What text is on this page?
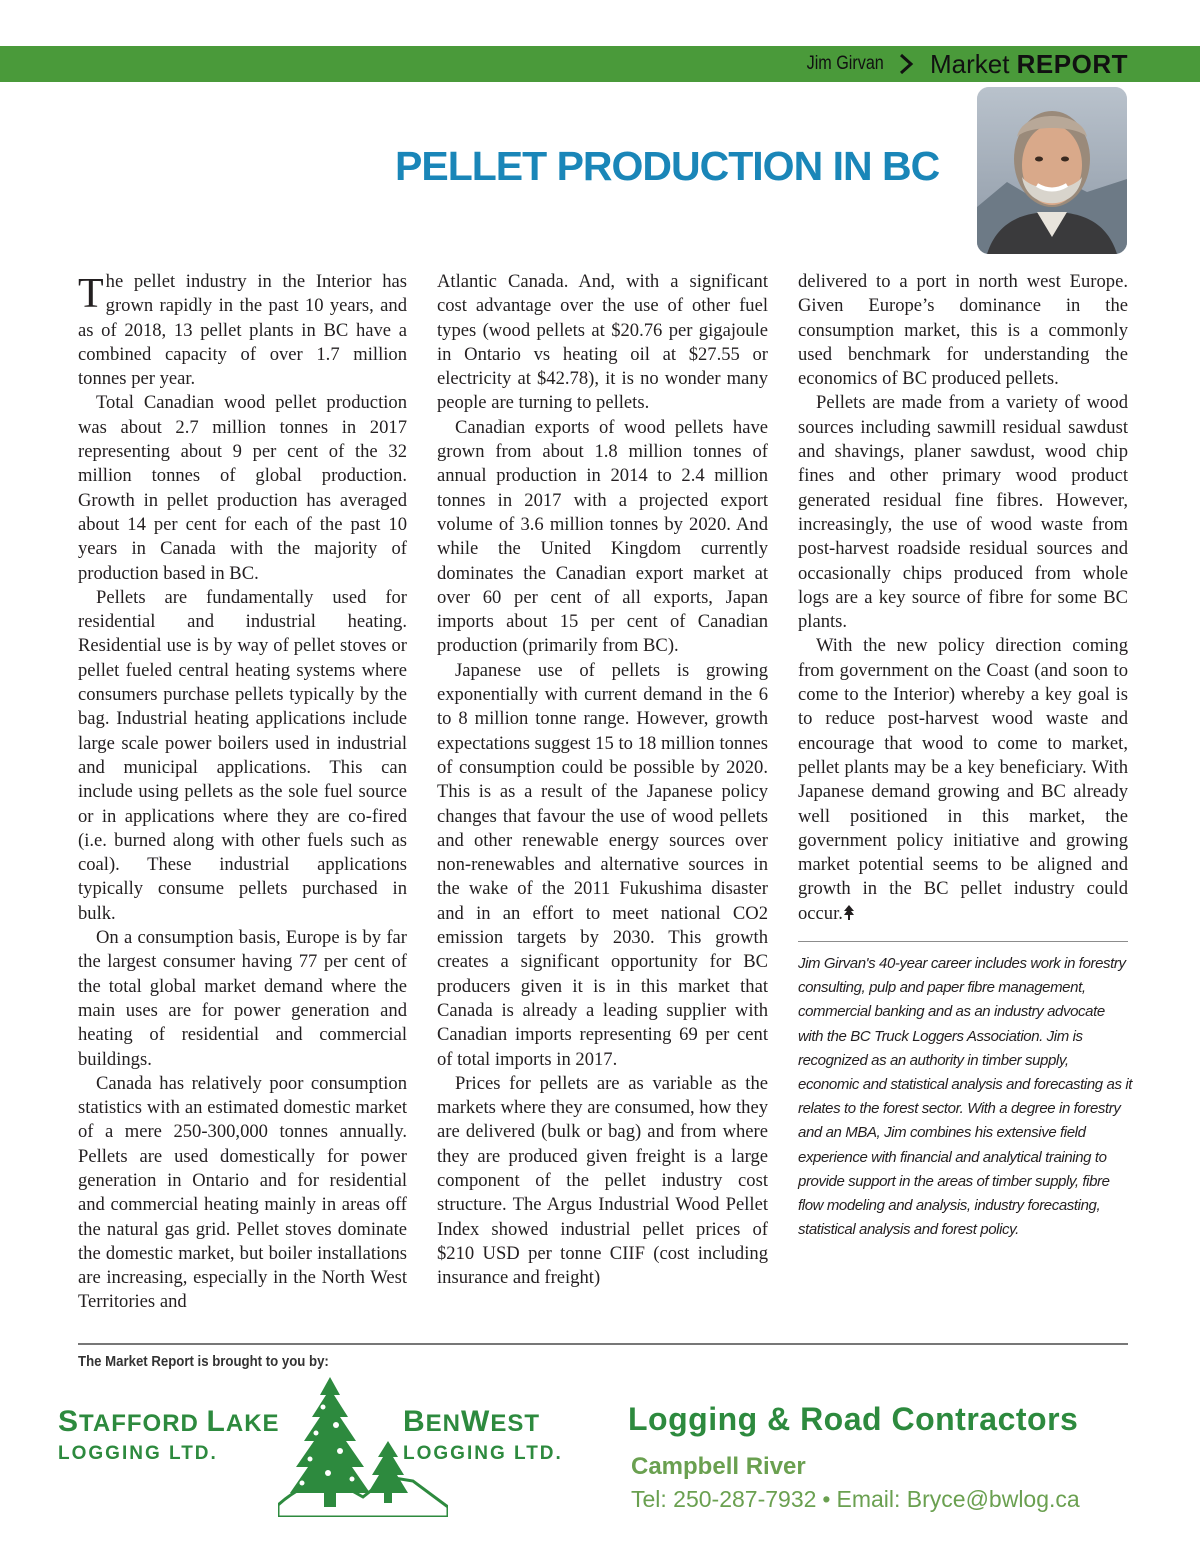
Jim Girvan Market REPORT
PELLET PRODUCTION IN BC

The pellet industry in the Interior has grown rapidly in the past 10 years, and as of 2018, 13 pellet plants in BC have a combined capacity of over 1.7 million tonnes per year.

Total Canadian wood pellet production was about 2.7 million tonnes in 2017 representing about 9 per cent of the 32 million tonnes of global production. Growth in pellet production has averaged about 14 per cent for each of the past 10 years in Canada with the majority of production based in BC.

Pellets are fundamentally used for residential and industrial heating. Residential use is by way of pellet stoves or pellet fueled central heating systems where consumers purchase pellets typically by the bag. Industrial heating applications include large scale power boilers used in industrial and municipal applications. This can include using pellets as the sole fuel source or in applications where they are co-fired (i.e. burned along with other fuels such as coal). These industrial applications typically consume pellets purchased in bulk.

On a consumption basis, Europe is by far the largest consumer having 77 per cent of the total global market demand where the main uses are for power generation and heating of residential and commercial buildings.

Canada has relatively poor consumption statistics with an estimated domestic market of a mere 250-300,000 tonnes annually. Pellets are used domestically for power generation in Ontario and for residential and commercial heating mainly in areas off the natural gas grid. Pellet stoves dominate the domestic market, but boiler installations are increasing, especially in the North West Territories and

Atlantic Canada. And, with a significant cost advantage over the use of other fuel types (wood pellets at $20.76 per gigajoule in Ontario vs heating oil at $27.55 or electricity at $42.78), it is no wonder many people are turning to pellets.

Canadian exports of wood pellets have grown from about 1.8 million tonnes of annual production in 2014 to 2.4 million tonnes in 2017 with a projected export volume of 3.6 million tonnes by 2020. And while the United Kingdom currently dominates the Canadian export market at over 60 per cent of all exports, Japan imports about 15 per cent of Canadian production (primarily from BC).

Japanese use of pellets is growing exponentially with current demand in the 6 to 8 million tonne range. However, growth expectations suggest 15 to 18 million tonnes of consumption could be possible by 2020. This is as a result of the Japanese policy changes that favour the use of wood pellets and other renewable energy sources over non-renewables and alternative sources in the wake of the 2011 Fukushima disaster and in an effort to meet national CO2 emission targets by 2030. This growth creates a significant opportunity for BC producers given it is in this market that Canada is already a leading supplier with Canadian imports representing 69 per cent of total imports in 2017.

Prices for pellets are as variable as the markets where they are consumed, how they are delivered (bulk or bag) and from where they are produced given freight is a large component of the pellet industry cost structure. The Argus Industrial Wood Pellet Index showed industrial pellet prices of $210 USD per tonne CIIF (cost including insurance and freight)

delivered to a port in north west Europe. Given Europe’s dominance in the consumption market, this is a commonly used benchmark for understanding the economics of BC produced pellets.

Pellets are made from a variety of wood sources including sawmill residual sawdust and shavings, planer sawdust, wood chip fines and other primary wood product generated residual fine fibres. However, increasingly, the use of wood waste from post-harvest roadside residual sources and occasionally chips produced from whole logs are a key source of fibre for some BC plants.

With the new policy direction coming from government on the Coast (and soon to come to the Interior) whereby a key goal is to reduce post-harvest wood waste and encourage that wood to come to market, pellet plants may be a key beneficiary. With Japanese demand growing and BC already well positioned in this market, the government policy initiative and growing market potential seems to be aligned and growth in the BC pellet industry could occur.

Jim Girvan's 40-year career includes work in forestry consulting, pulp and paper fibre management, commercial banking and as an industry advocate with the BC Truck Loggers Association. Jim is recognized as an authority in timber supply, economic and statistical analysis and forecasting as it relates to the forest sector. With a degree in forestry and an MBA, Jim combines his extensive field experience with financial and analytical training to provide support in the areas of timber supply, fibre flow modeling and analysis, industry forecasting, statistical analysis and forest policy.
The Market Report is brought to you by:
STAFFORD LAKE
LOGGING LTD.
BENWEST
LOGGING LTD.
Logging & Road Contractors
Campbell River
Tel: 250-287-7932 • Email: Bryce@bwlog.ca
